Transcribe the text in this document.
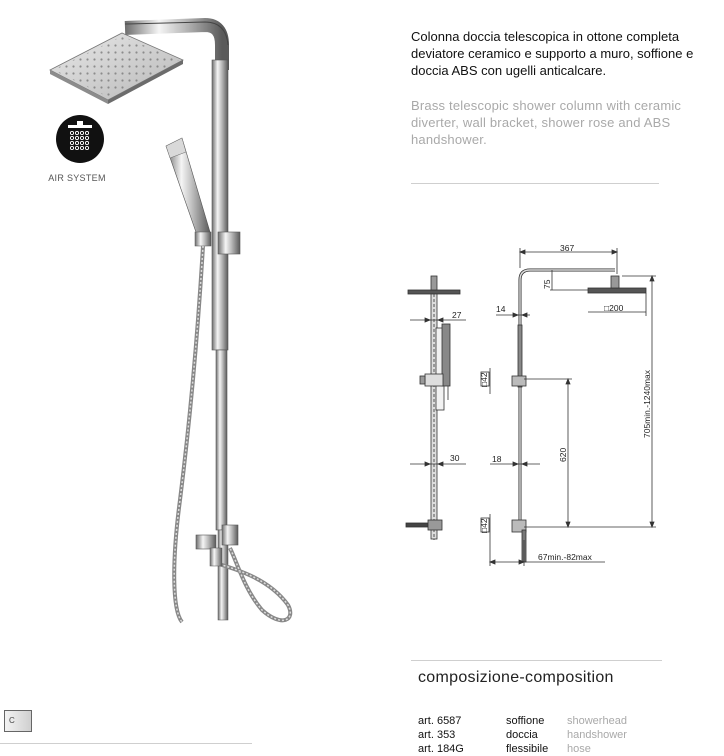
AIR SYSTEM
Colonna doccia telescopica in ottone completa deviatore ceramico e supporto a muro, soffione e doccia ABS con ugelli anticalcare.
Brass telescopic shower column with ceramic diverter, wall bracket, shower rose and ABS handshower.
367
75
□200
27
14
□42
620
705min.-1240max
30	18
□42
67min.-82max
composizione-composition
art. 6587	soffione	showerhead
art. 353	doccia	handshower
art. 184G	flessibile	hose
C
